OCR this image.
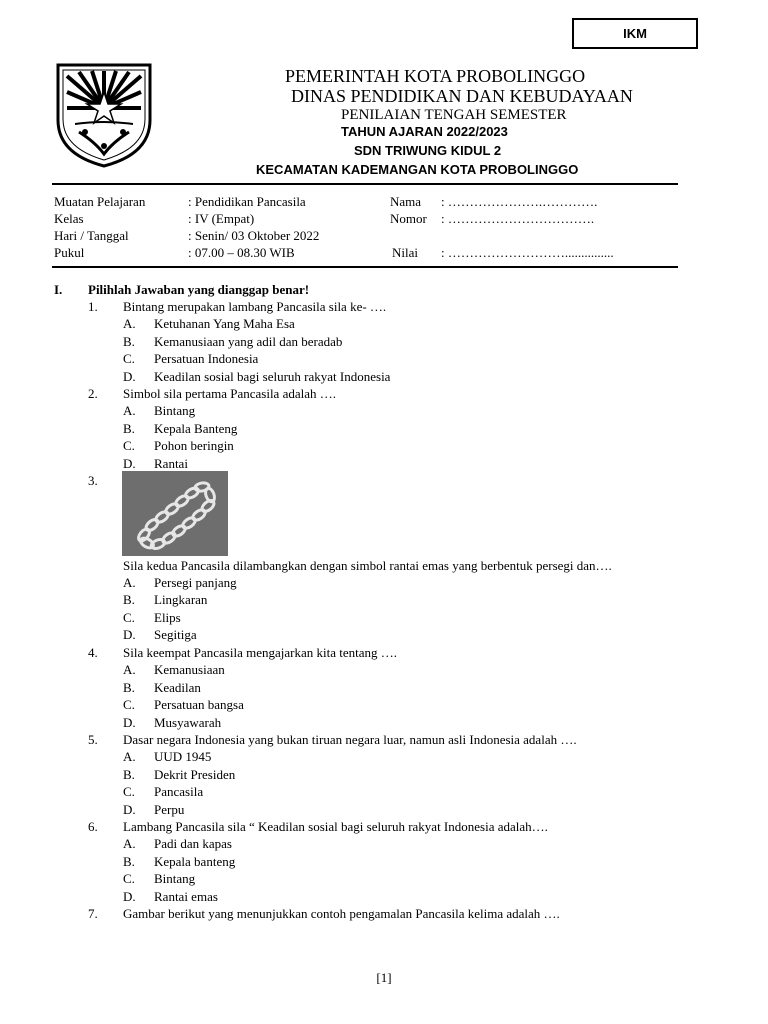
IKM
PEMERINTAH KOTA PROBOLINGGO
DINAS PENDIDIKAN DAN KEBUDAYAAN
PENILAIAN TENGAH SEMESTER
TAHUN AJARAN 2022/2023
SDN TRIWUNG KIDUL 2
KECAMATAN KADEMANGAN KOTA PROBOLINGGO
Muatan Pelajaran	: Pendidikan Pancasila
Kelas	: IV (Empat)
Hari / Tanggal	: Senin/ 03 Oktober 2022
Pukul	: 07.00 – 08.30 WIB
Nama : ………………….………….
Nomor : …………………………….
Nilai : ………………………...............
I. Pilihlah Jawaban yang dianggap benar!
1. Bintang merupakan lambang Pancasila sila ke- ….
A. Ketuhanan Yang Maha Esa
B. Kemanusiaan yang adil dan beradab
C. Persatuan Indonesia
D. Keadilan sosial bagi seluruh rakyat Indonesia
2. Simbol sila pertama Pancasila adalah ….
A. Bintang
B. Kepala Banteng
C. Pohon beringin
D. Rantai
3.
Sila kedua Pancasila dilambangkan dengan simbol rantai emas yang berbentuk persegi dan….
A. Persegi panjang
B. Lingkaran
C. Elips
D. Segitiga
4. Sila keempat Pancasila mengajarkan kita tentang ….
A. Kemanusiaan
B. Keadilan
C. Persatuan bangsa
D. Musyawarah
5. Dasar negara Indonesia yang bukan tiruan negara luar, namun asli Indonesia adalah ….
A. UUD 1945
B. Dekrit Presiden
C. Pancasila
D. Perpu
6. Lambang Pancasila sila “ Keadilan sosial bagi seluruh rakyat Indonesia adalah….
A. Padi dan kapas
B. Kepala banteng
C. Bintang
D. Rantai emas
7. Gambar berikut yang menunjukkan contoh pengamalan Pancasila kelima adalah ….
[1]
